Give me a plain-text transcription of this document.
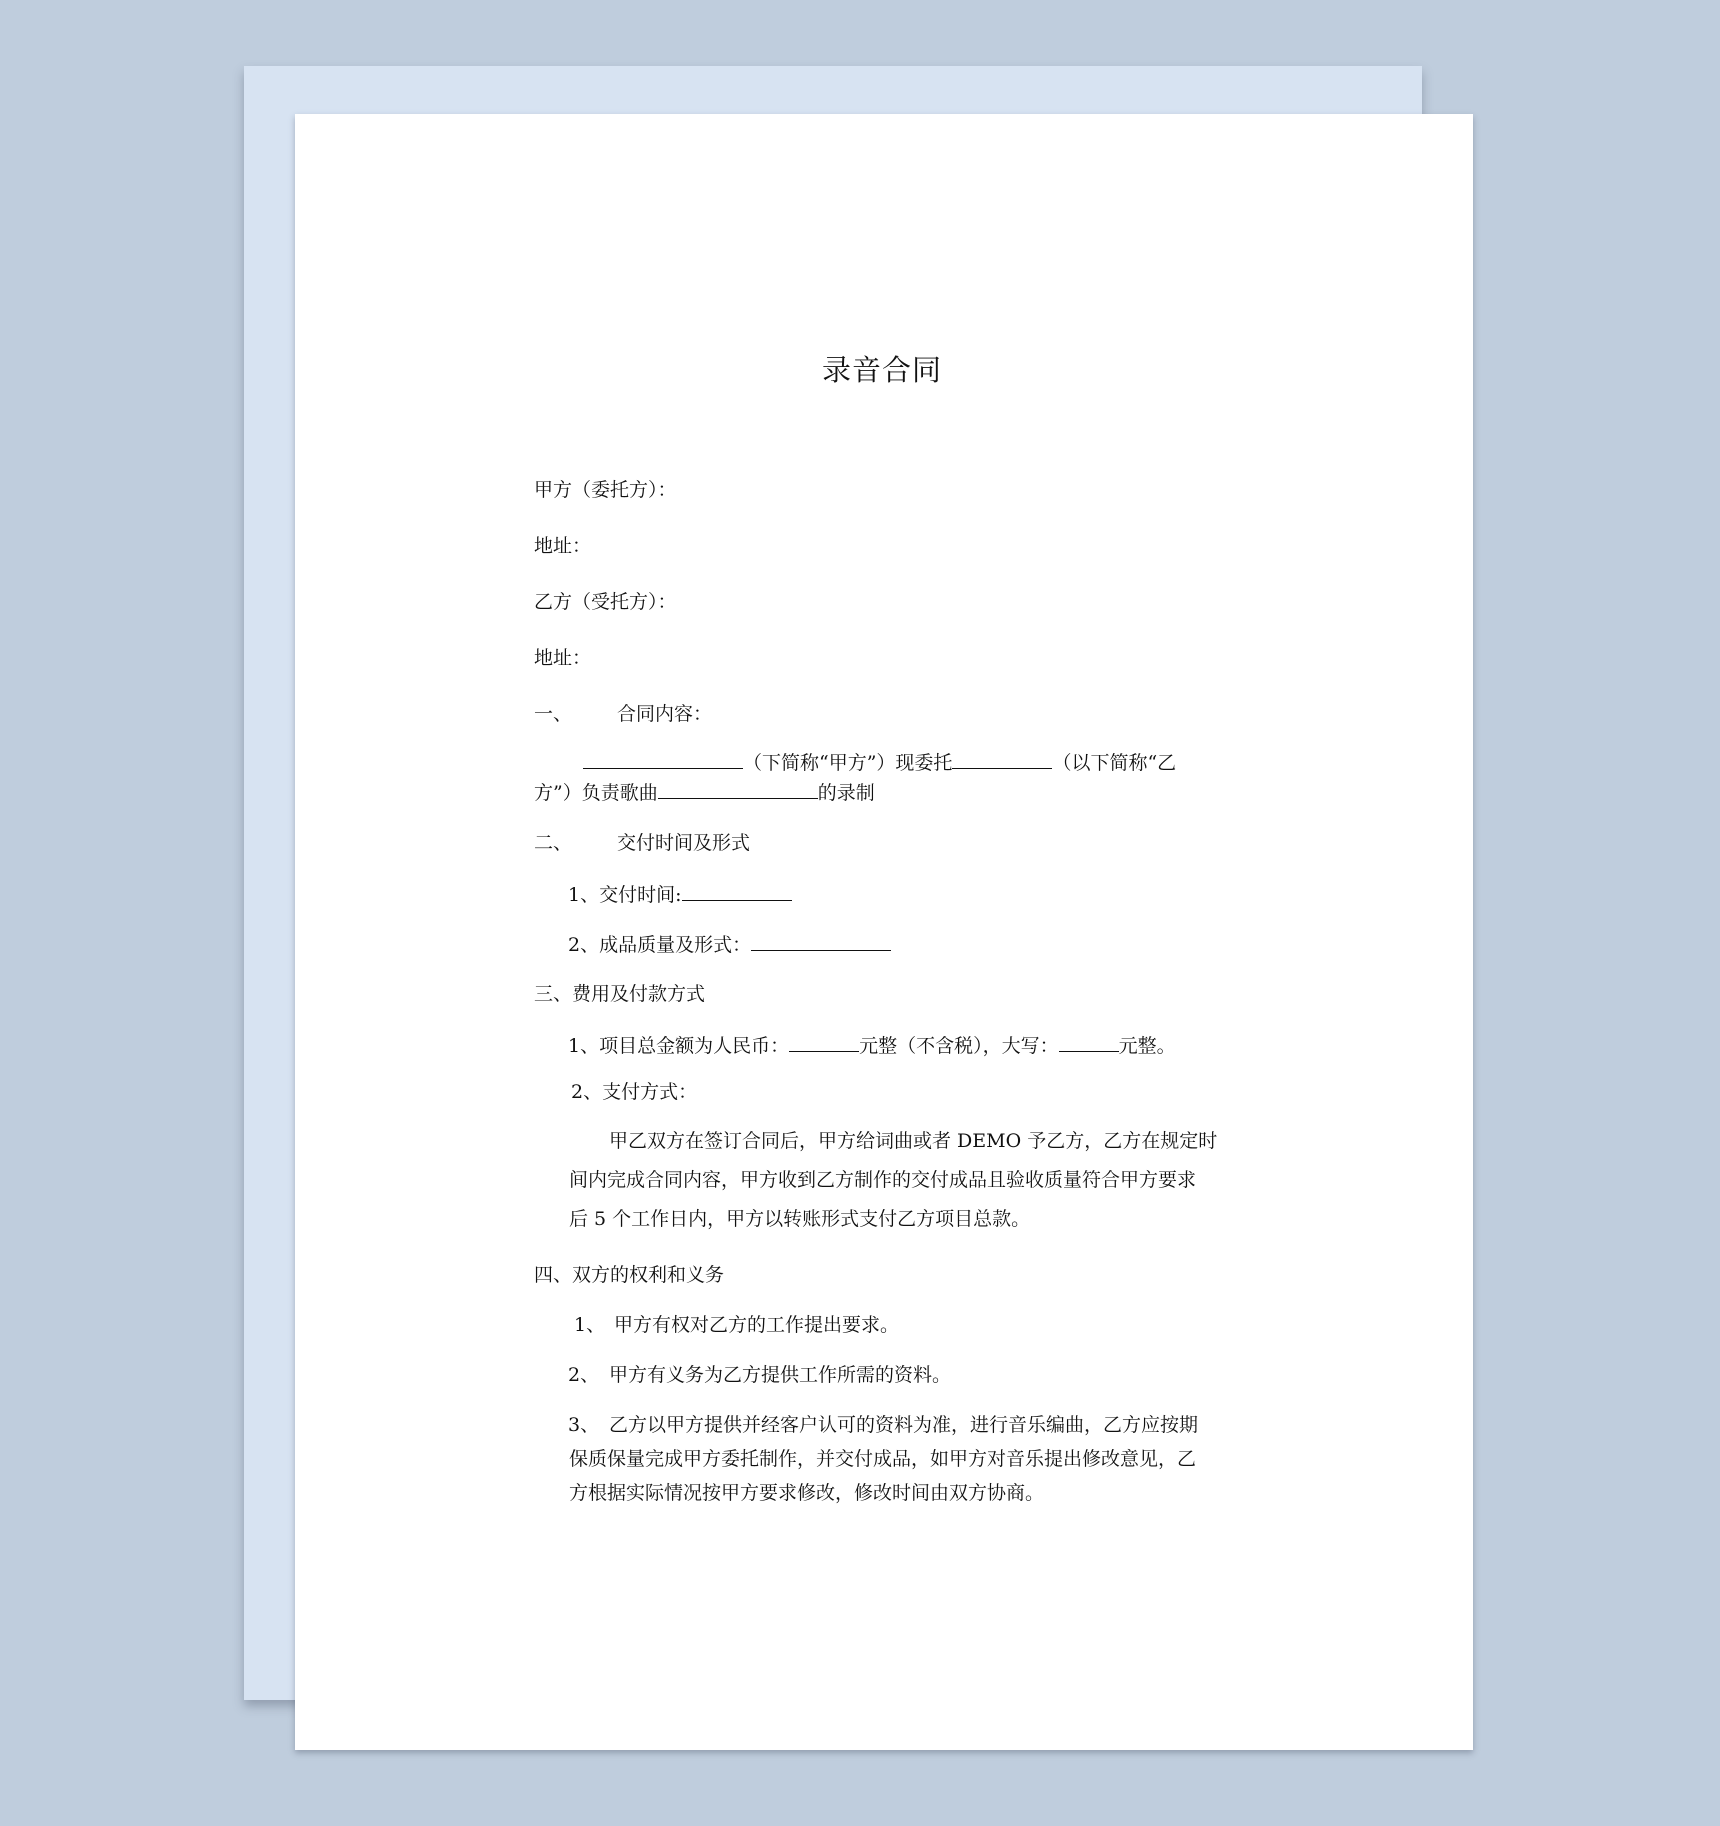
录音合同
甲方（委托方）：
地址：
乙方（受托方）：
地址：
一、 合同内容：
（下简称“甲方”）现委托	（以下简称“乙
方”）负责歌曲	的录制
二、 交付时间及形式
1、交付时间:
2、成品质量及形式：
三、费用及付款方式
1、项目总金额为人民币：	元整（不含税），大写：	元整。
2、支付方式：
甲乙双方在签订合同后，甲方给词曲或者 DEMO 予乙方，乙方在规定时
间内完成合同内容，甲方收到乙方制作的交付成品且验收质量符合甲方要求
后 5 个工作日内，甲方以转账形式支付乙方项目总款。
四、双方的权利和义务
1、 甲方有权对乙方的工作提出要求。
2、 甲方有义务为乙方提供工作所需的资料。
3、 乙方以甲方提供并经客户认可的资料为准，进行音乐编曲，乙方应按期
保质保量完成甲方委托制作，并交付成品，如甲方对音乐提出修改意见，乙
方根据实际情况按甲方要求修改，修改时间由双方协商。
